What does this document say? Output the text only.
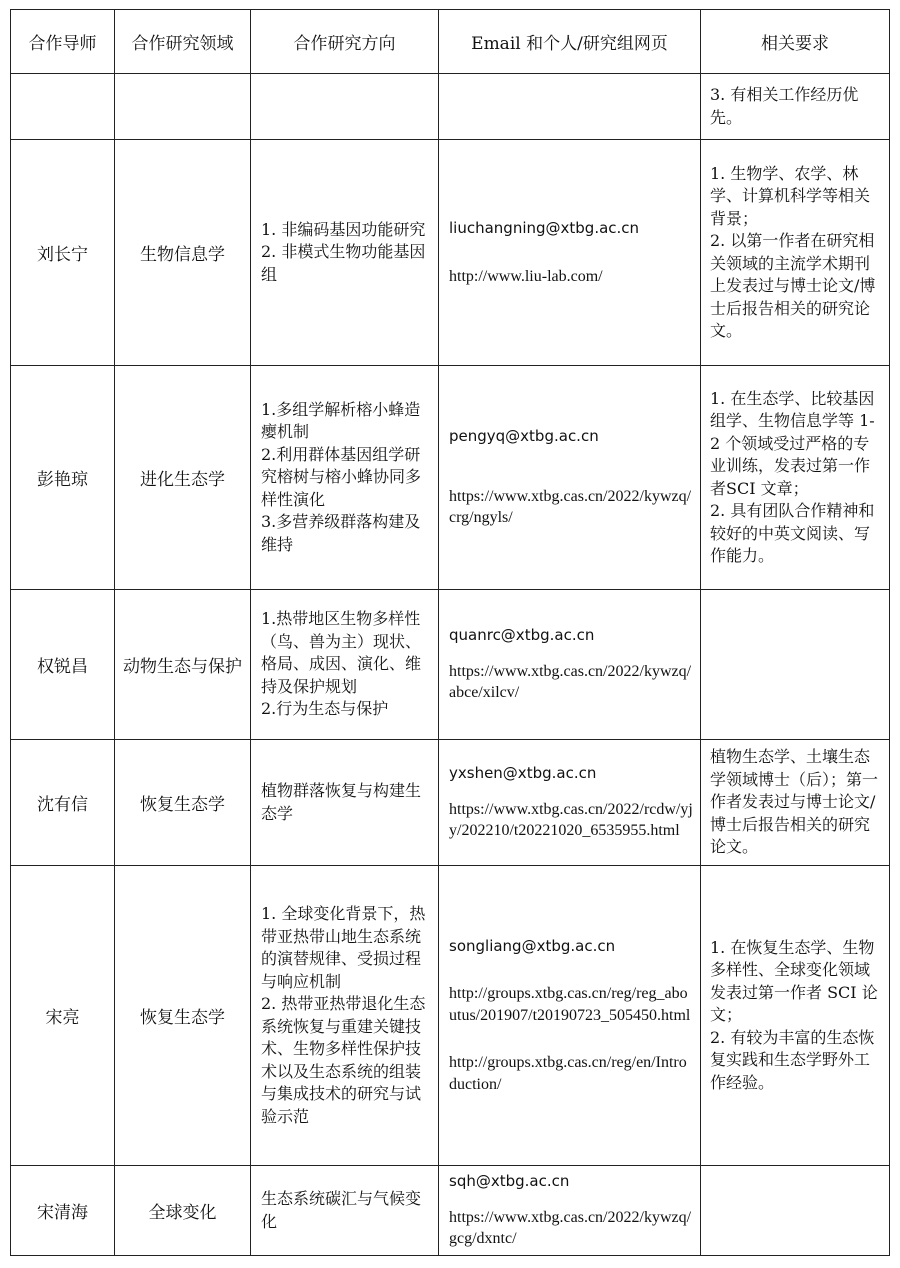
合作导师	合作研究领域	合作研究方向	Email 和个人/研究组网页	相关要求

				3. 有相关工作经历优先。

刘长宁	生物信息学	1. 非编码基因功能研究
2. 非模式生物功能基因组	liuchangning@xtbg.ac.cn
http://www.liu-lab.com/	1. 生物学、农学、林学、计算机科学等相关背景；
2. 以第一作者在研究相关领域的主流学术期刊上发表过与博士论文/博士后报告相关的研究论文。

彭艳琼	进化生态学	1.多组学解析榕小蜂造瘿机制
2.利用群体基因组学研究榕树与榕小蜂协同多样性演化
3.多营养级群落构建及维持	pengyq@xtbg.ac.cn
https://www.xtbg.cas.cn/2022/kywzq/crg/ngyls/	1. 在生态学、比较基因组学、生物信息学等 1-2 个领域受过严格的专业训练，发表过第一作者SCI 文章；
2. 具有团队合作精神和较好的中英文阅读、写作能力。

权锐昌	动物生态与保护	1.热带地区生物多样性（鸟、兽为主）现状、格局、成因、演化、维持及保护规划
2.行为生态与保护	quanrc@xtbg.ac.cn
https://www.xtbg.cas.cn/2022/kywzq/abce/xilcv/	

沈有信	恢复生态学	植物群落恢复与构建生态学	yxshen@xtbg.ac.cn
https://www.xtbg.cas.cn/2022/rcdw/yjy/202210/t20221020_6535955.html	植物生态学、土壤生态学领域博士（后）；第一作者发表过与博士论文/博士后报告相关的研究论文。

宋亮	恢复生态学	1. 全球变化背景下，热带亚热带山地生态系统的演替规律、受损过程与响应机制
2. 热带亚热带退化生态系统恢复与重建关键技术、生物多样性保护技术以及生态系统的组装与集成技术的研究与试验示范	songliang@xtbg.ac.cn
http://groups.xtbg.cas.cn/reg/reg_aboutus/201907/t20190723_505450.html
http://groups.xtbg.cas.cn/reg/en/Introduction/	1. 在恢复生态学、生物多样性、全球变化领域发表过第一作者 SCI 论文；
2. 有较为丰富的生态恢复实践和生态学野外工作经验。

宋清海	全球变化	生态系统碳汇与气候变化	sqh@xtbg.ac.cn
https://www.xtbg.cas.cn/2022/kywzq/gcg/dxntc/	
